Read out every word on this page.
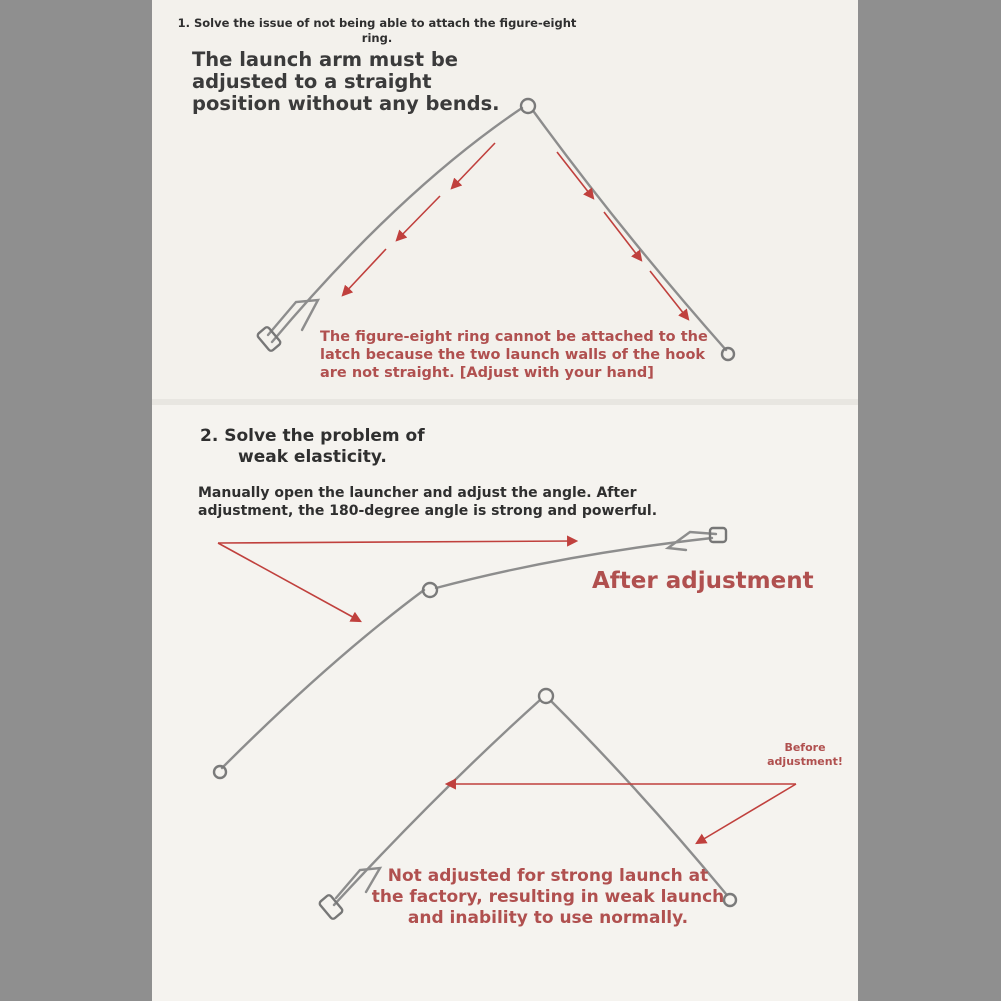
1. Solve the issue of not being able to attach the figure-eight ring.

The launch arm must be adjusted to a straight position without any bends.

The figure-eight ring cannot be attached to the latch because the two launch walls of the hook are not straight. [Adjust with your hand]

2. Solve the problem of
weak elasticity.

Manually open the launcher and adjust the angle. After adjustment, the 180-degree angle is strong and powerful.

After adjustment

Before adjustment!

Not adjusted for strong launch at the factory, resulting in weak launch and inability to use normally.
